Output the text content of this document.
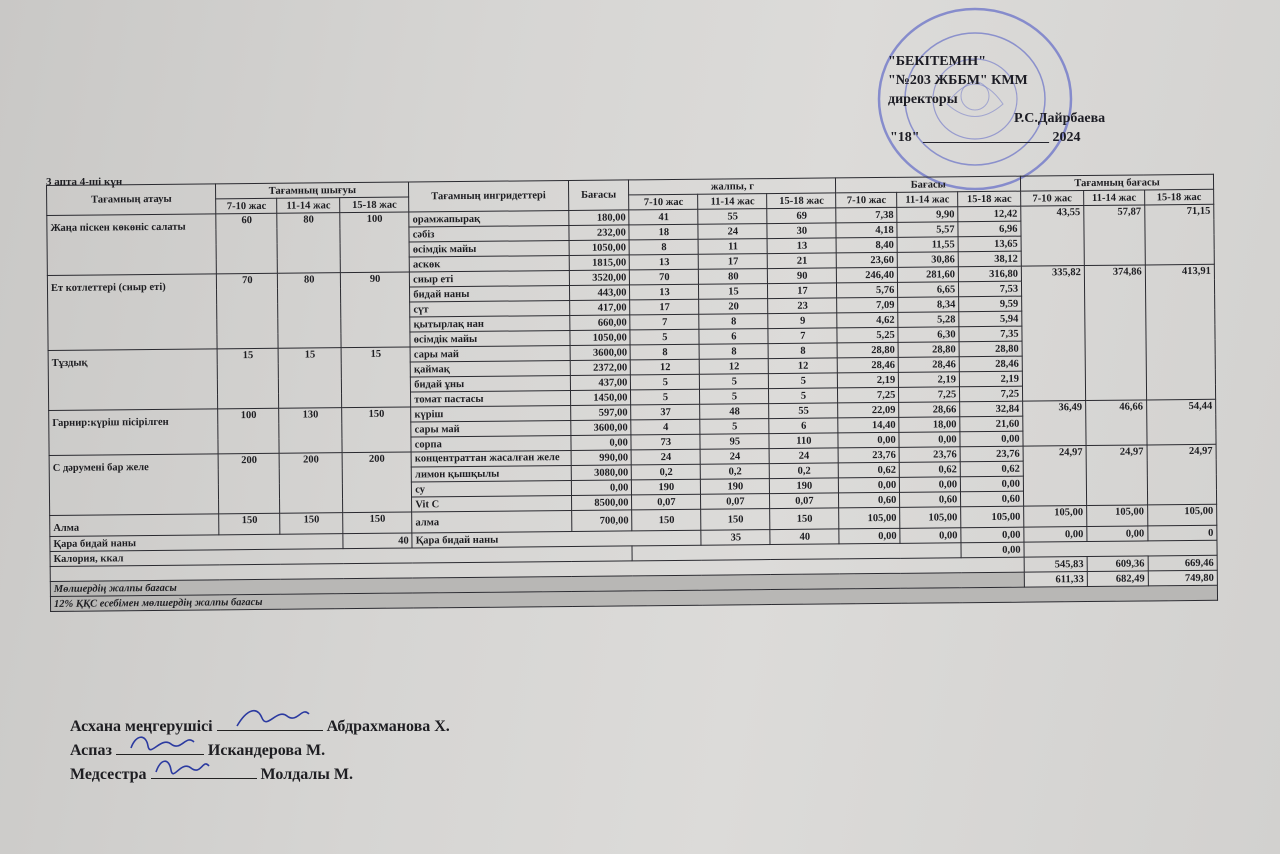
"БЕКІТЕМІН"
"№203 ЖББМ" КММ
директоры
Р.С.Дайрбаева
"18" __________________ 2024
3 апта 4-ші күн
Тағамның атауы	Тағамның шығуы			Тағамның ингридеттері	Бағасы	жалпы, г			Бағасы			Тағамның бағасы		
	7-10 жас	11-14 жас	15-18 жас			7-10 жас	11-14 жас	15-18 жас	7-10 жас	11-14 жас	15-18 жас	7-10 жас	11-14 жас	15-18 жас
Жаңа піскен көкөніс салаты	60	80	100	орамжапырақ	180,00	41	55	69	7,38	9,90	12,42	43,55	57,87	71,15
				сәбіз	232,00	18	24	30	4,18	5,57	6,96			
				өсімдік майы	1050,00	8	11	13	8,40	11,55	13,65			
				аскөк	1815,00	13	17	21	23,60	30,86	38,12			
Ет котлеттері (сиыр еті)	70	80	90	сиыр еті	3520,00	70	80	90	246,40	281,60	316,80	335,82	374,86	413,91
				бидай наны	443,00	13	15	17	5,76	6,65	7,53			
				сүт	417,00	17	20	23	7,09	8,34	9,59			
				қытырлақ нан	660,00	7	8	9	4,62	5,28	5,94			
				өсімдік майы	1050,00	5	6	7	5,25	6,30	7,35			
Тұздық	15	15	15	сары май	3600,00	8	8	8	28,80	28,80	28,80			
				қаймақ	2372,00	12	12	12	28,46	28,46	28,46			
				бидай ұны	437,00	5	5	5	2,19	2,19	2,19			
				томат пастасы	1450,00	5	5	5	7,25	7,25	7,25			
Гарнир:күріш пісірілген	100	130	150	күріш	597,00	37	48	55	22,09	28,66	32,84	36,49	46,66	54,44
				сары май	3600,00	4	5	6	14,40	18,00	21,60			
				сорпа	0,00	73	95	110	0,00	0,00	0,00			
С дәрумені бар желе	200	200	200	концентраттан жасалған желе	990,00	24	24	24	23,76	23,76	23,76	24,97	24,97	24,97
				лимон қышқылы	3080,00	0,2	0,2	0,2	0,62	0,62	0,62			
				су	0,00	190	190	190	0,00	0,00	0,00			
				Vit C	8500,00	0,07	0,07	0,07	0,60	0,60	0,60			
Алма	150	150	150	алма	700,00	150	150	150	105,00	105,00	105,00	105,00	105,00	105,00
Қара бидай наны			40	Қара бидай наны			35	40	0,00	0,00	0,00	0,00	0,00	0
Калория, ккал											0,00			
												545,83	609,36	669,46
Мөлшердің жалпы бағасы												611,33	682,49	749,80
12% ҚҚС есебімен мөлшердің жалпы бағасы														
Асхана меңгерушісі	Абдрахманова Х.
Аспаз	Искандерова М.
Медсестра	Молдалы М.
